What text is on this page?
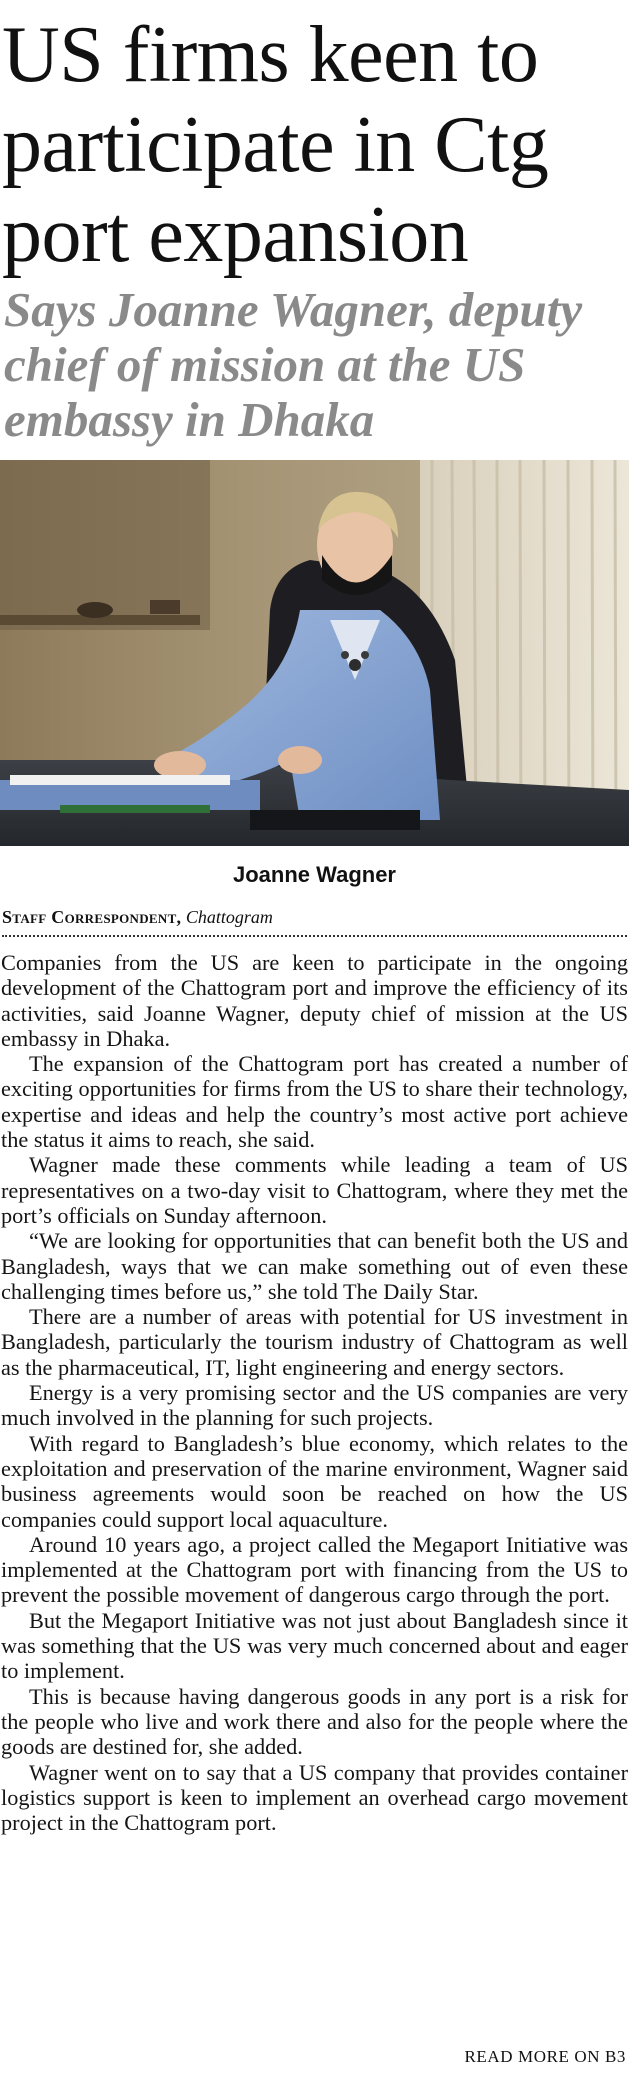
US firms keen to participate in Ctg port expansion
Says Joanne Wagner, deputy chief of mission at the US embassy in Dhaka
Joanne Wagner
Staff Correspondent, Chattogram

Companies from the US are keen to participate in the ongoing development of the Chattogram port and improve the efficiency of its activities, said Joanne Wagner, deputy chief of mission at the US embassy in Dhaka.

The expansion of the Chattogram port has created a number of exciting opportunities for firms from the US to share their technology, expertise and ideas and help the country’s most active port achieve the status it aims to reach, she said.

Wagner made these comments while leading a team of US representatives on a two-day visit to Chattogram, where they met the port’s officials on Sunday afternoon.

“We are looking for opportunities that can benefit both the US and Bangladesh, ways that we can make something out of even these challenging times before us,” she told The Daily Star.

There are a number of areas with potential for US investment in Bangladesh, particularly the tourism industry of Chattogram as well as the pharmaceutical, IT, light engineering and energy sectors.

Energy is a very promising sector and the US companies are very much involved in the planning for such projects.

With regard to Bangladesh’s blue economy, which relates to the exploitation and preservation of the marine environment, Wagner said business agreements would soon be reached on how the US companies could support local aquaculture.

Around 10 years ago, a project called the Megaport Initiative was implemented at the Chattogram port with financing from the US to prevent the possible movement of dangerous cargo through the port.

But the Megaport Initiative was not just about Bangladesh since it was something that the US was very much concerned about and eager to implement.

This is because having dangerous goods in any port is a risk for the people who live and work there and also for the people where the goods are destined for, she added.

Wagner went on to say that a US company that provides container logistics support is keen to implement an overhead cargo movement project in the Chattogram port.

READ MORE ON B3
